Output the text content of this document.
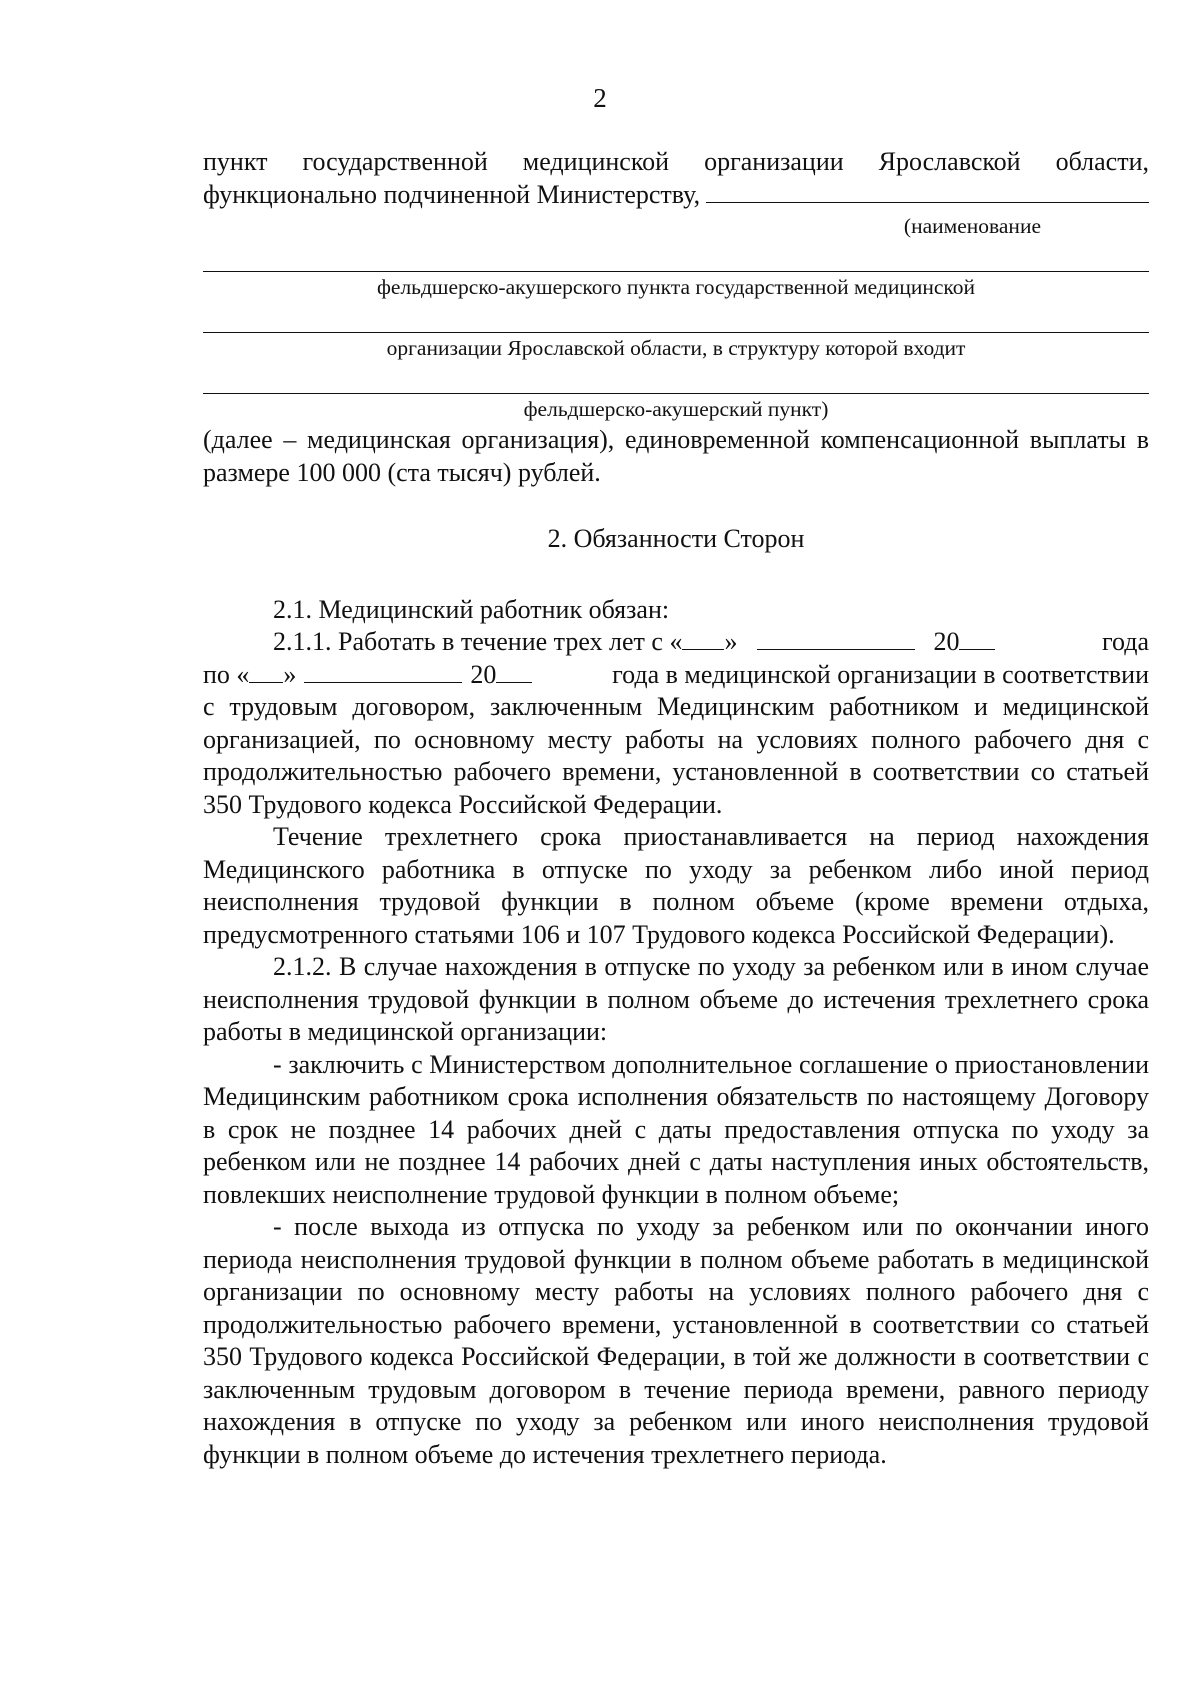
2

пункт государственной медицинской организации Ярославской области,

функционально подчиненной Министерству,
(наименование
фельдшерско-акушерского пункта государственной медицинской
организации Ярославской области, в структуру которой входит
фельдшерско-акушерский пункт)

(далее – медицинская организация), единовременной компенсационной выплаты в размере 100 000 (ста тысяч) рублей.

2. Обязанности Сторон

2.1. Медицинский работник обязан:

2.1.1. Работать в течение трех лет с « »	20	года
по « »	20	года в медицинской организации в соответствии

с трудовым договором, заключенным Медицинским работником и медицинской организацией, по основному месту работы на условиях полного рабочего дня с продолжительностью рабочего времени, установленной в соответствии со статьей 350 Трудового кодекса Российской Федерации.

Течение трехлетнего срока приостанавливается на период нахождения Медицинского работника в отпуске по уходу за ребенком либо иной период неисполнения трудовой функции в полном объеме (кроме времени отдыха, предусмотренного статьями 106 и 107 Трудового кодекса Российской Федерации).

2.1.2. В случае нахождения в отпуске по уходу за ребенком или в ином случае неисполнения трудовой функции в полном объеме до истечения трехлетнего срока работы в медицинской организации:

- заключить с Министерством дополнительное соглашение о приостановлении Медицинским работником срока исполнения обязательств по настоящему Договору в срок не позднее 14 рабочих дней с даты предоставления отпуска по уходу за ребенком или не позднее 14 рабочих дней с даты наступления иных обстоятельств, повлекших неисполнение трудовой функции в полном объеме;

- после выхода из отпуска по уходу за ребенком или по окончании иного периода неисполнения трудовой функции в полном объеме работать в медицинской организации по основному месту работы на условиях полного рабочего дня с продолжительностью рабочего времени, установленной в соответствии со статьей 350 Трудового кодекса Российской Федерации, в той же должности в соответствии с заключенным трудовым договором в течение периода времени, равного периоду нахождения в отпуске по уходу за ребенком или иного неисполнения трудовой функции в полном объеме до истечения трехлетнего периода.
